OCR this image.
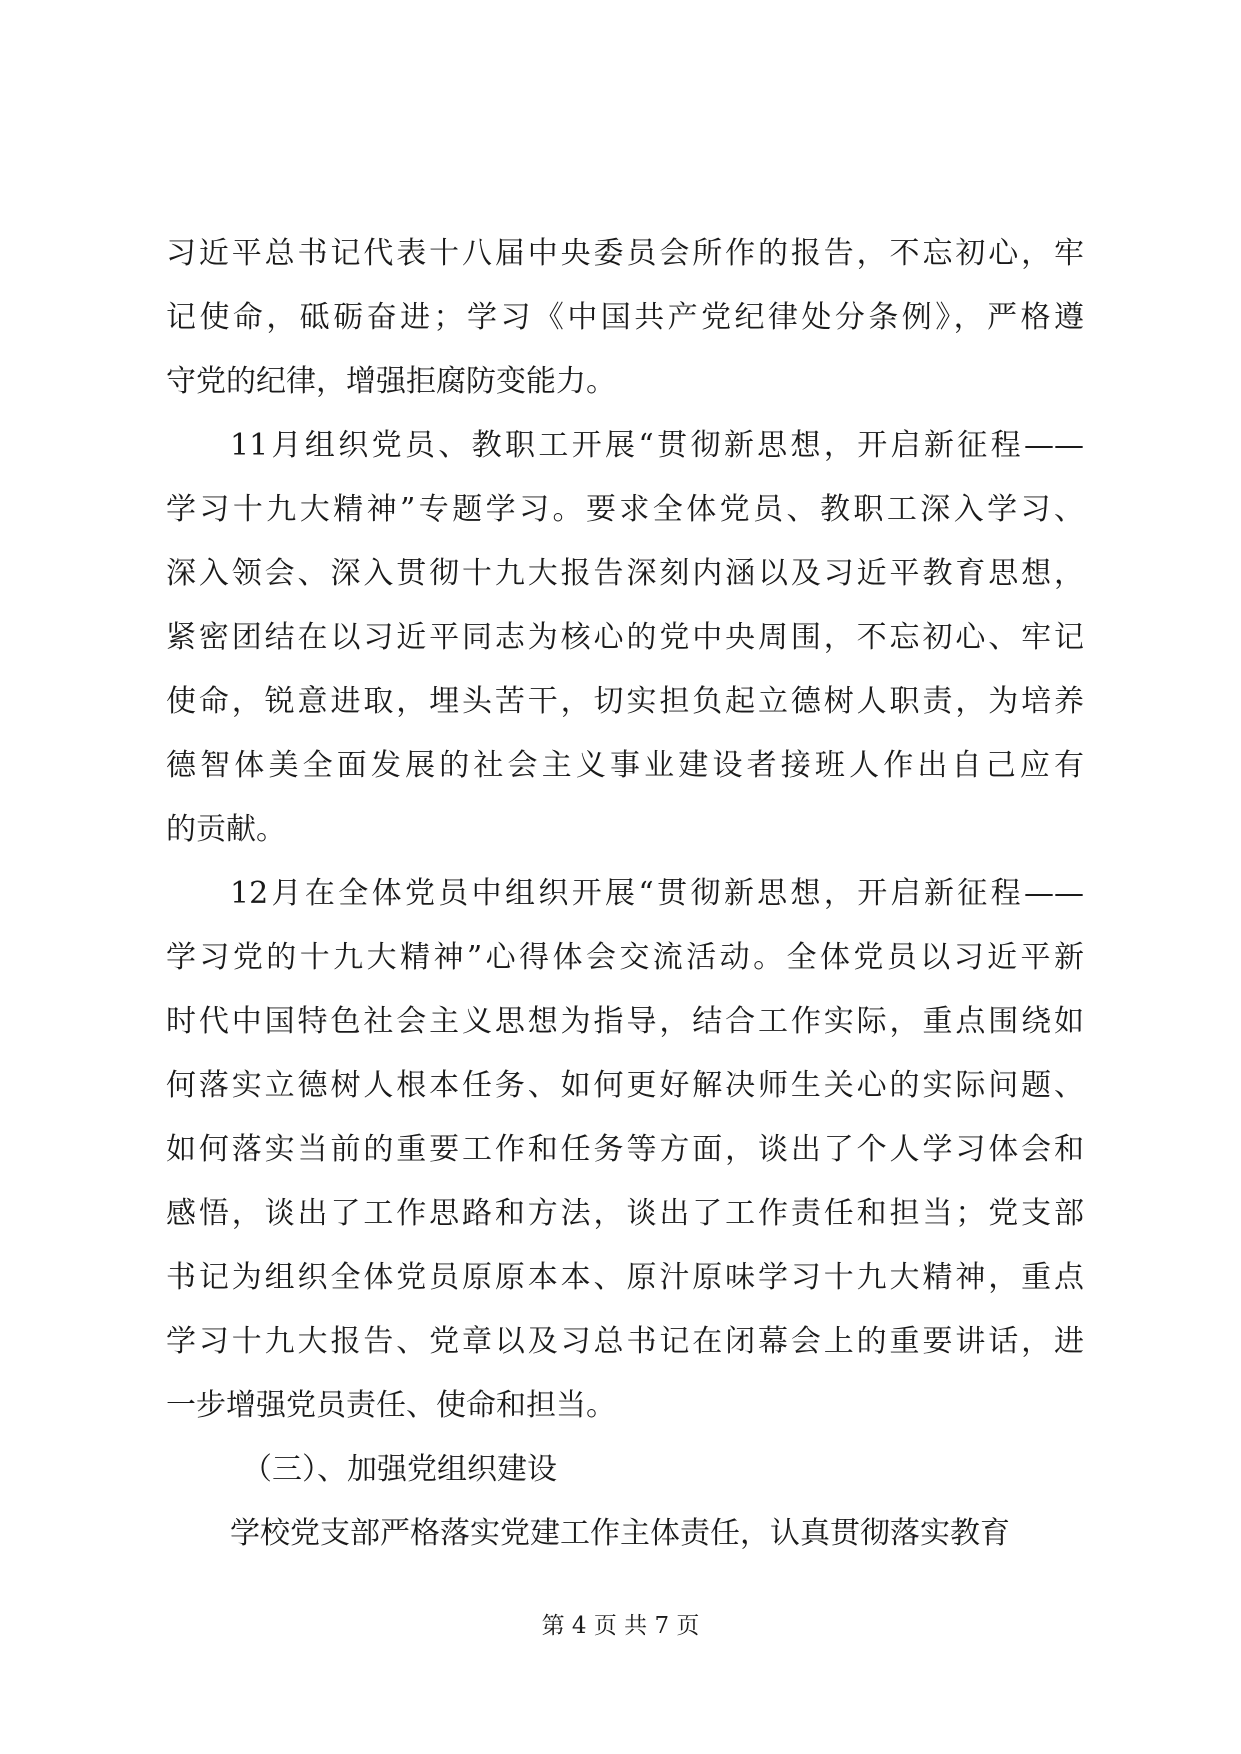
习近平总书记代表十八届中央委员会所作的报告，不忘初心，牢
记使命，砥砺奋进；学习《中国共产党纪律处分条例》，严格遵
守党的纪律，增强拒腐防变能力。
11月组织党员、教职工开展“贯彻新思想，开启新征程——
学习十九大精神”专题学习。要求全体党员、教职工深入学习、
深入领会、深入贯彻十九大报告深刻内涵以及习近平教育思想，
紧密团结在以习近平同志为核心的党中央周围，不忘初心、牢记
使命，锐意进取，埋头苦干，切实担负起立德树人职责，为培养
德智体美全面发展的社会主义事业建设者接班人作出自己应有
的贡献。
12月在全体党员中组织开展“贯彻新思想，开启新征程——
学习党的十九大精神”心得体会交流活动。全体党员以习近平新
时代中国特色社会主义思想为指导，结合工作实际，重点围绕如
何落实立德树人根本任务、如何更好解决师生关心的实际问题、
如何落实当前的重要工作和任务等方面，谈出了个人学习体会和
感悟，谈出了工作思路和方法，谈出了工作责任和担当；党支部
书记为组织全体党员原原本本、原汁原味学习十九大精神，重点
学习十九大报告、党章以及习总书记在闭幕会上的重要讲话，进
一步增强党员责任、使命和担当。
（三）、加强党组织建设
学校党支部严格落实党建工作主体责任，认真贯彻落实教育
第 4 页 共 7 页
